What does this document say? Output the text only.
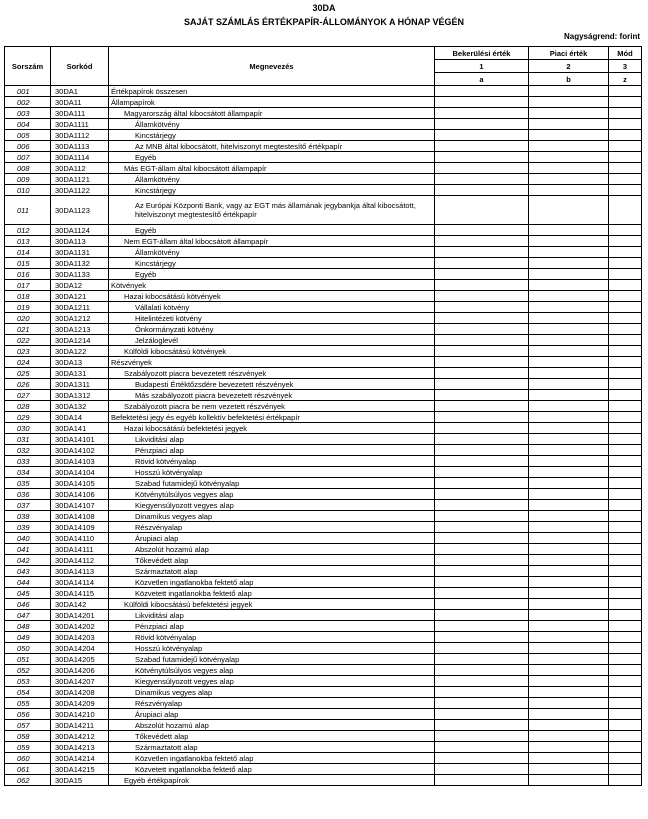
30DA
SAJÁT SZÁMLÁS ÉRTÉKPAPÍR-ÁLLOMÁNYOK A HÓNAP VÉGÉN
Nagyságrend: forint
Sorszám	Sorkód	Megnevezés	Bekerülési érték	Piaci érték	Mód
			1	2	3
			a	b	z
001	30DA1	Értékpapírok összesen			

002	30DA11	Állampapírok			

003	30DA111	Magyarország által kibocsátott állampapír			

004	30DA1111	Államkötvény			

005	30DA1112	Kincstárjegy			

006	30DA1113	Az MNB által kibocsátott, hitelviszonyt megtestesítő értékpapír			

007	30DA1114	Egyéb			

008	30DA112	Más EGT-állam által kibocsátott állampapír			

009	30DA1121	Államkötvény			

010	30DA1122	Kincstárjegy			

011	30DA1123	Az Európai Központi Bank, vagy az EGT más államának jegybankja által kibocsátott, hitelviszonyt megtestesítő értékpapír			

012	30DA1124	Egyéb			

013	30DA113	Nem EGT-állam által kibocsátott állampapír			

014	30DA1131	Államkötvény			

015	30DA1132	Kincstárjegy			

016	30DA1133	Egyéb			

017	30DA12	Kötvények			

018	30DA121	Hazai kibocsátású kötvények			

019	30DA1211	Vállalati kötvény			

020	30DA1212	Hitelintézeti kötvény			

021	30DA1213	Önkormányzati kötvény			

022	30DA1214	Jelzáloglevél			

023	30DA122	Külföldi kibocsátású kötvények			

024	30DA13	Részvények			

025	30DA131	Szabályozott piacra bevezetett részvények			

026	30DA1311	Budapesti Értéktőzsdére bevezetett részvények			

027	30DA1312	Más szabályozott piacra bevezetett részvények			

028	30DA132	Szabályozott piacra be nem vezetett részvények			

029	30DA14	Befektetési jegy és egyéb kollektív befektetési értékpapír			

030	30DA141	Hazai kibocsátású befektetési jegyek			

031	30DA14101	Likviditási alap			

032	30DA14102	Pénzpiaci alap			

033	30DA14103	Rövid kötvényalap			

034	30DA14104	Hosszú kötvényalap			

035	30DA14105	Szabad futamidejű kötvényalap			

036	30DA14106	Kötvénytúlsúlyos vegyes alap			

037	30DA14107	Kiegyensúlyozott vegyes alap			

038	30DA14108	Dinamikus vegyes alap			

039	30DA14109	Részvényalap			

040	30DA14110	Árupiaci alap			

041	30DA14111	Abszolút hozamú alap			

042	30DA14112	Tőkevédett alap			

043	30DA14113	Származtatott alap			

044	30DA14114	Közvetlen ingatlanokba fektető alap			

045	30DA14115	Közvetett ingatlanokba fektető alap			

046	30DA142	Külföldi kibocsátású befektetési jegyek			

047	30DA14201	Likviditási alap			

048	30DA14202	Pénzpiaci alap			

049	30DA14203	Rövid kötvényalap			

050	30DA14204	Hosszú kötvényalap			

051	30DA14205	Szabad futamidejű kötvényalap			

052	30DA14206	Kötvénytúlsúlyos vegyes alap			

053	30DA14207	Kiegyensúlyozott vegyes alap			

054	30DA14208	Dinamikus vegyes alap			

055	30DA14209	Részvényalap			

056	30DA14210	Árupiaci alap			

057	30DA14211	Abszolút hozamú alap			

058	30DA14212	Tőkevédett alap			

059	30DA14213	Származtatott alap			

060	30DA14214	Közvetlen ingatlanokba fektető alap			

061	30DA14215	Közvetett ingatlanokba fektető alap			

062	30DA15	Egyéb értékpapírok			
